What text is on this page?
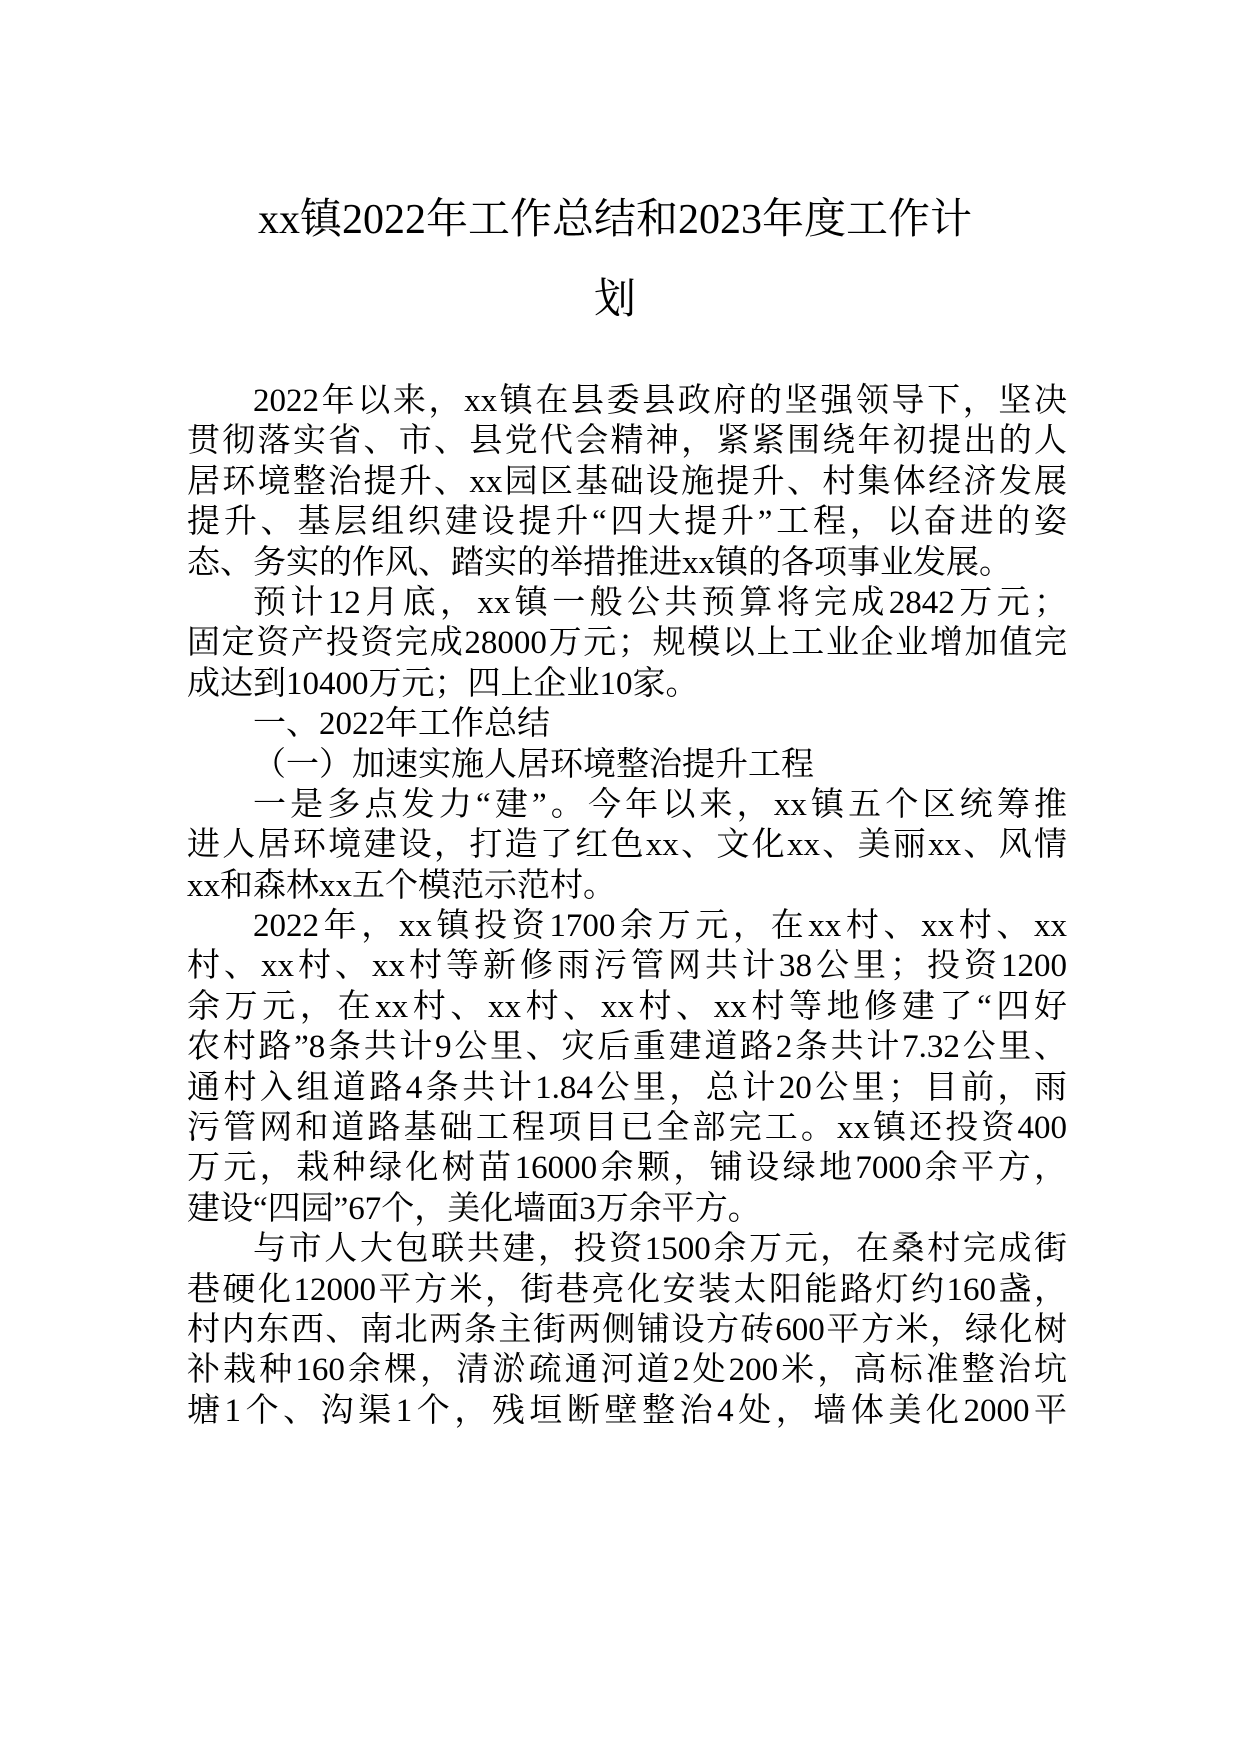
xx镇2022年工作总结和2023年度工作计
划
2022年以来，xx镇在县委县政府的坚强领导下，坚决
贯彻落实省、市、县党代会精神，紧紧围绕年初提出的人
居环境整治提升、xx园区基础设施提升、村集体经济发展
提升、基层组织建设提升“四大提升”工程，以奋进的姿
态、务实的作风、踏实的举措推进xx镇的各项事业发展。
预计12月底，xx镇一般公共预算将完成2842万元；
固定资产投资完成28000万元；规模以上工业企业增加值完
成达到10400万元；四上企业10家。
一、2022年工作总结
（一）加速实施人居环境整治提升工程
一是多点发力“建”。今年以来，xx镇五个区统筹推
进人居环境建设，打造了红色xx、文化xx、美丽xx、风情
xx和森林xx五个模范示范村。
2022年，xx镇投资1700余万元，在xx村、xx村、xx
村、xx村、xx村等新修雨污管网共计38公里；投资1200
余万元，在xx村、xx村、xx村、xx村等地修建了“四好
农村路”8条共计9公里、灾后重建道路2条共计7.32公里、
通村入组道路4条共计1.84公里，总计20公里；目前，雨
污管网和道路基础工程项目已全部完工。xx镇还投资400
万元，栽种绿化树苗16000余颗，铺设绿地7000余平方，
建设“四园”67个，美化墙面3万余平方。
与市人大包联共建，投资1500余万元，在桑村完成街
巷硬化12000平方米，街巷亮化安装太阳能路灯约160盏，
村内东西、南北两条主街两侧铺设方砖600平方米，绿化树
补栽种160余棵，清淤疏通河道2处200米，高标准整治坑
塘1个、沟渠1个，残垣断壁整治4处，墙体美化2000平
